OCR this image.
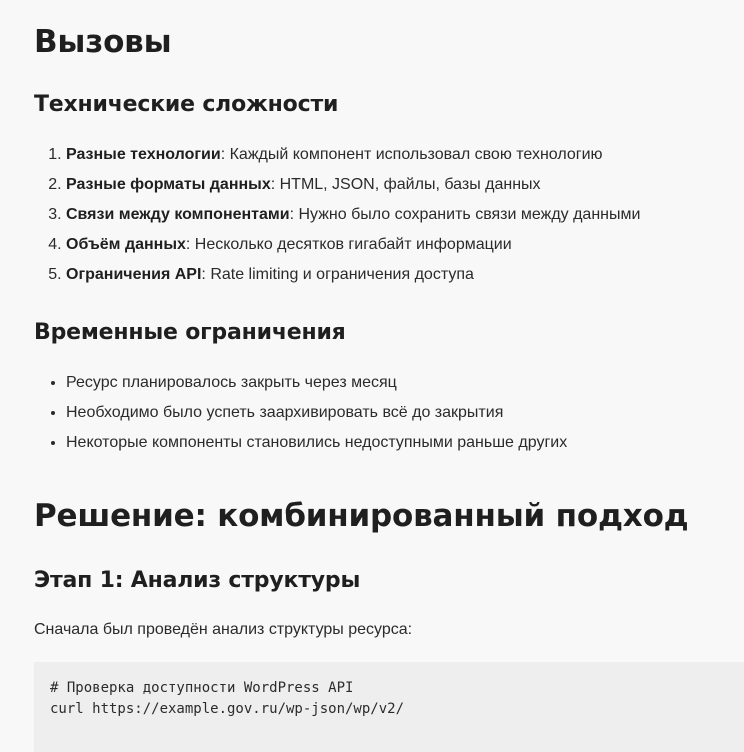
Вызовы
Технические сложности
1. Разные технологии: Каждый компонент использовал свою технологию
2. Разные форматы данных: HTML, JSON, файлы, базы данных
3. Связи между компонентами: Нужно было сохранить связи между данными
4. Объём данных: Несколько десятков гигабайт информации
5. Ограничения API: Rate limiting и ограничения доступа
Временные ограничения
• Ресурс планировалось закрыть через месяц
• Необходимо было успеть заархивировать всё до закрытия
• Некоторые компоненты становились недоступными раньше других
Решение: комбинированный подход
Этап 1: Анализ структуры

Сначала был проведён анализ структуры ресурса:

# Проверка доступности WordPress API
curl https://example.gov.ru/wp-json/wp/v2/
